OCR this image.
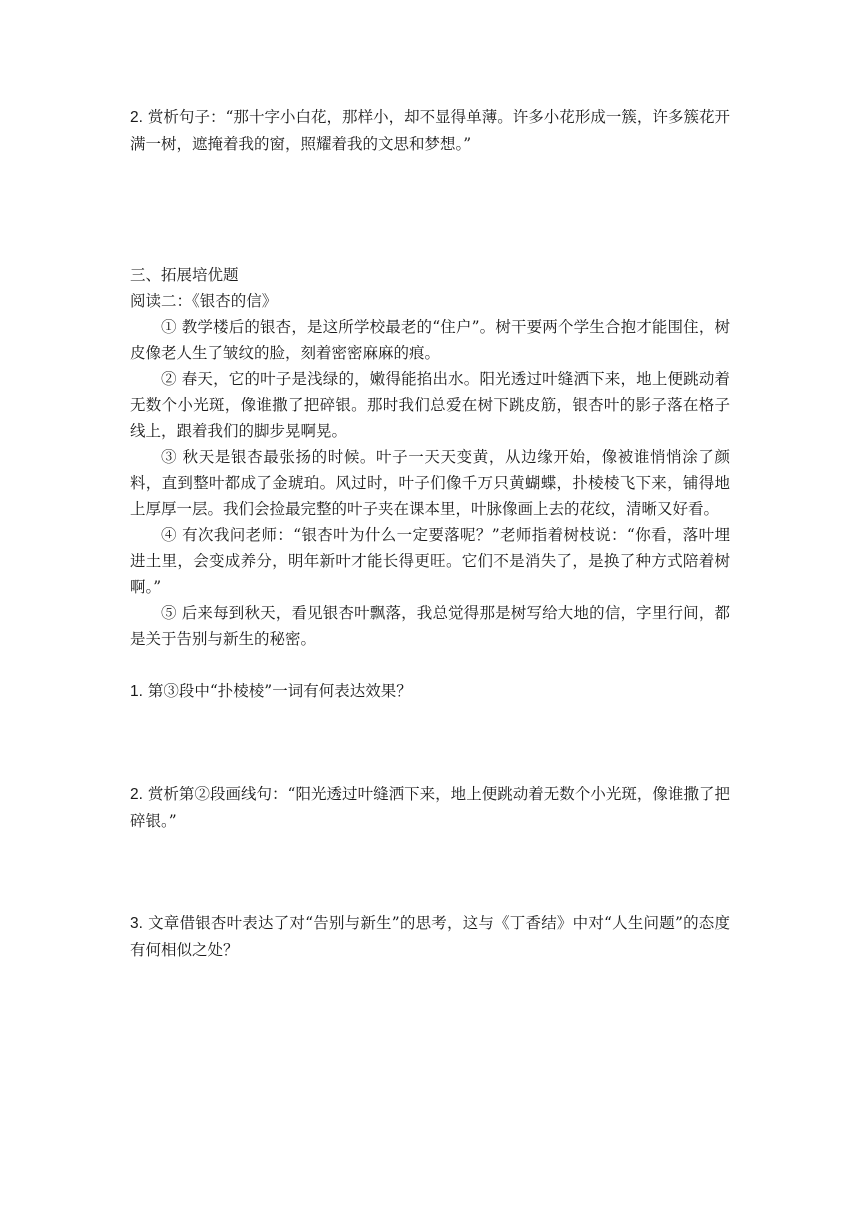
2. 赏析句子：“那十字小白花，那样小，却不显得单薄。许多小花形成一簇，许多簇花开满一树，遮掩着我的窗，照耀着我的文思和梦想。”

三、拓展培优题

阅读二：《银杏的信》

① 教学楼后的银杏，是这所学校最老的“住户”。树干要两个学生合抱才能围住，树皮像老人生了皱纹的脸，刻着密密麻麻的痕。

② 春天，它的叶子是浅绿的，嫩得能掐出水。阳光透过叶缝洒下来，地上便跳动着无数个小光斑，像谁撒了把碎银。那时我们总爱在树下跳皮筋，银杏叶的影子落在格子线上，跟着我们的脚步晃啊晃。

③ 秋天是银杏最张扬的时候。叶子一天天变黄，从边缘开始，像被谁悄悄涂了颜料，直到整叶都成了金琥珀。风过时，叶子们像千万只黄蝴蝶，扑棱棱飞下来，铺得地上厚厚一层。我们会捡最完整的叶子夹在课本里，叶脉像画上去的花纹，清晰又好看。

④ 有次我问老师：“银杏叶为什么一定要落呢？”老师指着树枝说：“你看，落叶埋进土里，会变成养分，明年新叶才能长得更旺。它们不是消失了，是换了种方式陪着树啊。”

⑤ 后来每到秋天，看见银杏叶飘落，我总觉得那是树写给大地的信，字里行间，都是关于告别与新生的秘密。

1. 第③段中“扑棱棱”一词有何表达效果？

2. 赏析第②段画线句：“阳光透过叶缝洒下来，地上便跳动着无数个小光斑，像谁撒了把碎银。”

3. 文章借银杏叶表达了对“告别与新生”的思考，这与《丁香结》中对“人生问题”的态度有何相似之处？
